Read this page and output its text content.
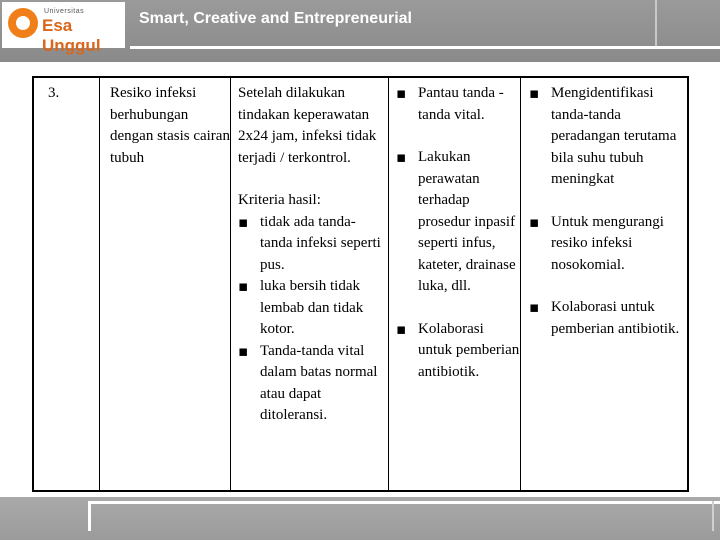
Universitas
Esa Unggul
Smart, Creative and Entrepreneurial
3.	Resiko infeksi berhubungan dengan stasis cairan tubuh
Setelah dilakukan tindakan keperawatan 2x24 jam, infeksi tidak terjadi / terkontrol.
Kriteria hasil:
▪ tidak ada tanda-tanda infeksi seperti pus.
▪ luka bersih tidak lembab dan tidak kotor.
▪ Tanda-tanda vital dalam batas normal atau dapat ditoleransi.
▪ Pantau tanda -tanda vital.
▪ Lakukan perawatan terhadap prosedur inpasif seperti infus, kateter, drainase luka, dll.
▪ Kolaborasi untuk pemberian antibiotik.
▪ Mengidentifikasi tanda-tanda peradangan terutama bila suhu tubuh meningkat
▪ Untuk mengurangi resiko infeksi nosokomial.
▪ Kolaborasi untuk pemberian antibiotik.
